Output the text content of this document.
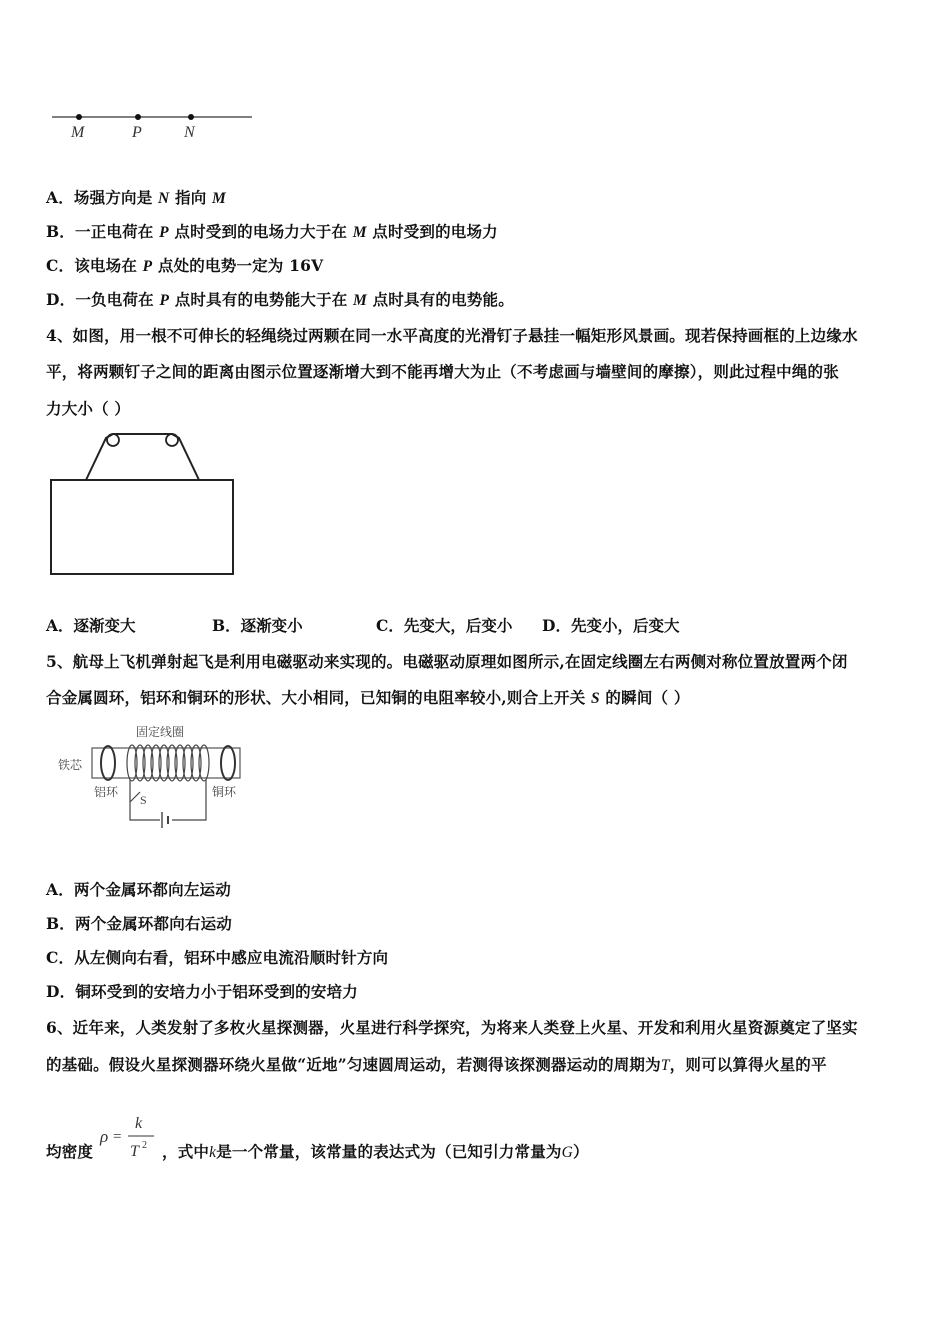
M	P	N
A．场强方向是 N 指向 M
B．一正电荷在 P 点时受到的电场力大于在 M 点时受到的电场力
C．该电场在 P 点处的电势一定为 16V
D．一负电荷在 P 点时具有的电势能大于在 M 点时具有的电势能。
4、如图，用一根不可伸长的轻绳绕过两颗在同一水平高度的光滑钉子悬挂一幅矩形风景画。现若保持画框的上边缘水
平，将两颗钉子之间的距离由图示位置逐渐增大到不能再增大为止（不考虑画与墙壁间的摩擦），则此过程中绳的张
力大小（ ）
A．逐渐变大	B．逐渐变小	C．先变大，后变小 D．先变小，后变大
5、航母上飞机弹射起飞是利用电磁驱动来实现的。电磁驱动原理如图所示,在固定线圈左右两侧对称位置放置两个闭
合金属圆环，铝环和铜环的形状、大小相同，已知铜的电阻率较小,则合上开关 S 的瞬间（ ）
固定线圈
铁芯
铝环	铜环
S
A．两个金属环都向左运动
B．两个金属环都向右运动
C．从左侧向右看，铝环中感应电流沿顺时针方向
D．铜环受到的安培力小于铝环受到的安培力
6、近年来，人类发射了多枚火星探测器，火星进行科学探究，为将来人类登上火星、开发和利用火星资源奠定了坚实
的基础。假设火星探测器环绕火星做“近地”匀速圆周运动，若测得该探测器运动的周期为T，则可以算得火星的平
均密度
ρ =
k
T 2 ，式中k是一个常量，该常量的表达式为（已知引力常量为G）
